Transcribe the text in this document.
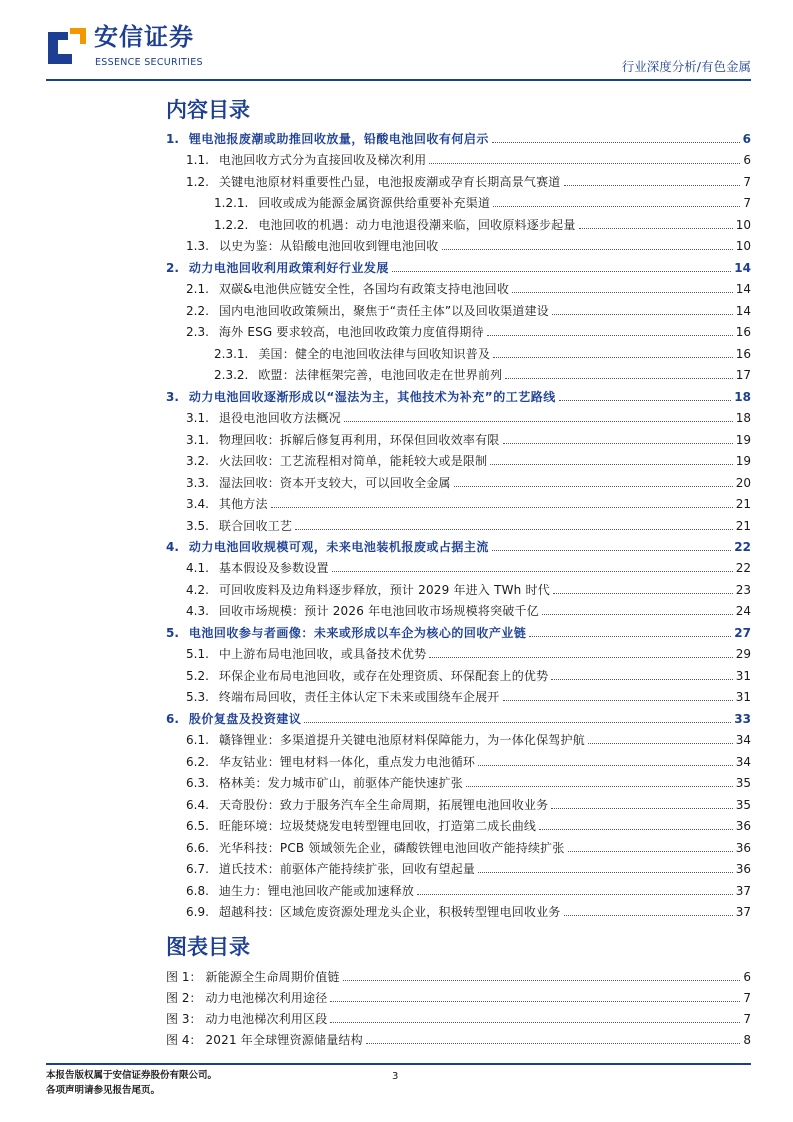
安信证券
ESSENCE SECURITIES	行业深度分析/有色金属
内容目录
1. 锂电池报废潮或助推回收放量，铅酸电池回收有何启示	6
1.1. 电池回收方式分为直接回收及梯次利用	6
1.2. 关键电池原材料重要性凸显，电池报废潮或孕育长期高景气赛道	7
1.2.1. 回收或成为能源金属资源供给重要补充渠道	7
1.2.2. 电池回收的机遇：动力电池退役潮来临，回收原料逐步起量	10
1.3. 以史为鉴：从铅酸电池回收到锂电池回收	10
2. 动力电池回收利用政策利好行业发展	14
2.1. 双碳&电池供应链安全性，各国均有政策支持电池回收	14
2.2. 国内电池回收政策频出，聚焦于“责任主体”以及回收渠道建设	14
2.3. 海外 ESG 要求较高，电池回收政策力度值得期待	16
2.3.1. 美国：健全的电池回收法律与回收知识普及	16
2.3.2. 欧盟：法律框架完善，电池回收走在世界前列	17
3. 动力电池回收逐渐形成以“湿法为主，其他技术为补充”的工艺路线	18
3.1. 退役电池回收方法概况	18
3.1. 物理回收：拆解后修复再利用，环保但回收效率有限	19
3.2. 火法回收：工艺流程相对简单，能耗较大或是限制	19
3.3. 湿法回收：资本开支较大，可以回收全金属	20
3.4. 其他方法	21
3.5. 联合回收工艺	21
4. 动力电池回收规模可观，未来电池装机报废或占据主流	22
4.1. 基本假设及参数设置	22
4.2. 可回收废料及边角料逐步释放，预计 2029 年进入 TWh 时代	23
4.3. 回收市场规模：预计 2026 年电池回收市场规模将突破千亿	24
5. 电池回收参与者画像：未来或形成以车企为核心的回收产业链	27
5.1. 中上游布局电池回收，或具备技术优势	29
5.2. 环保企业布局电池回收，或存在处理资质、环保配套上的优势	31
5.3. 终端布局回收，责任主体认定下未来或围绕车企展开	31
6. 股价复盘及投资建议	33
6.1. 赣锋锂业：多渠道提升关键电池原材料保障能力，为一体化保驾护航	34
6.2. 华友钴业：锂电材料一体化，重点发力电池循环	34
6.3. 格林美：发力城市矿山，前驱体产能快速扩张	35
6.4. 天奇股份：致力于服务汽车全生命周期，拓展锂电池回收业务	35
6.5. 旺能环境：垃圾焚烧发电转型锂电回收，打造第二成长曲线	36
6.6. 光华科技：PCB 领域领先企业，磷酸铁锂电池回收产能持续扩张	36
6.7. 道氏技术：前驱体产能持续扩张，回收有望起量	36
6.8. 迪生力：锂电池回收产能或加速释放	37
6.9. 超越科技：区域危废资源处理龙头企业，积极转型锂电回收业务	37
图表目录
图 1： 新能源全生命周期价值链	6
图 2： 动力电池梯次利用途径	7
图 3： 动力电池梯次利用区段	7
图 4： 2021 年全球锂资源储量结构	8
本报告版权属于安信证券股份有限公司。
各项声明请参见报告尾页。
3
